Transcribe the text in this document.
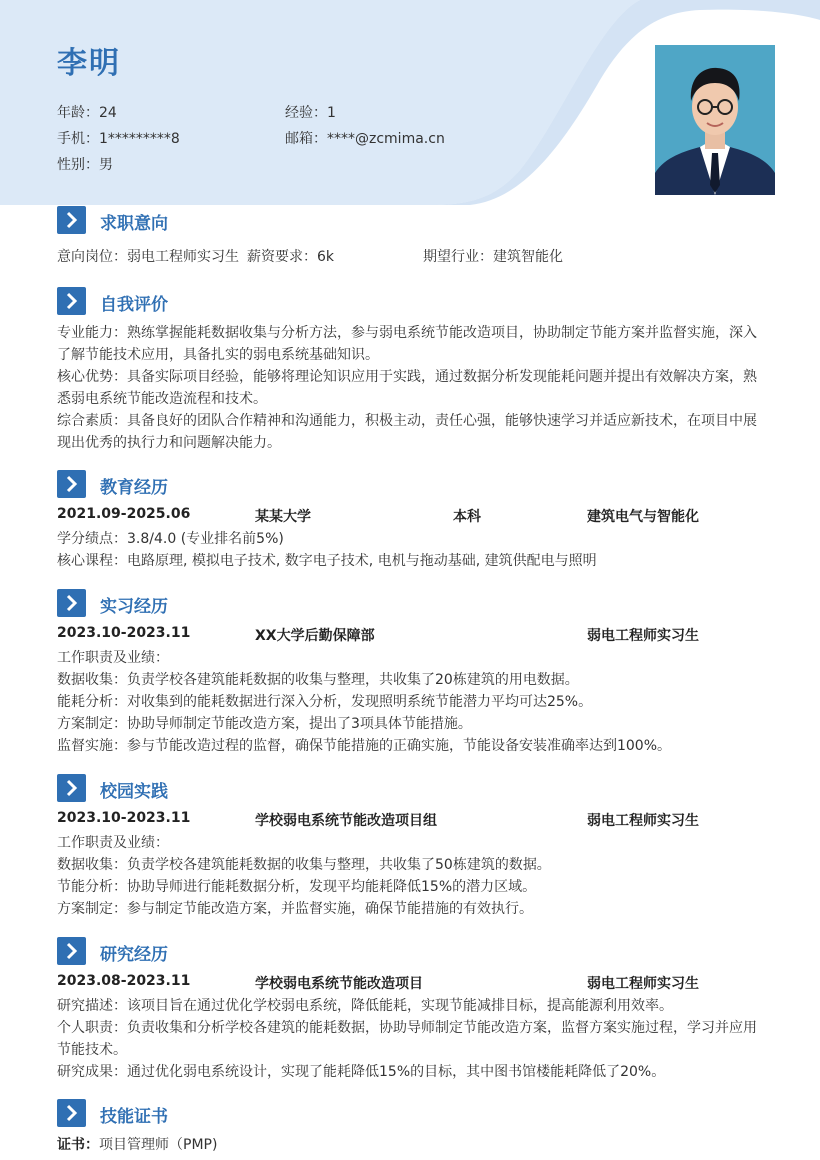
李明
年龄：24	经验：1
手机：1*********8	邮箱：****@zcmima.cn
性别：男
求职意向
意向岗位：弱电工程师实习生 薪资要求：6k	期望行业：建筑智能化
自我评价
专业能力：熟练掌握能耗数据收集与分析方法，参与弱电系统节能改造项目，协助制定节能方案并监督实施，深入了解节能技术应用，具备扎实的弱电系统基础知识。
核心优势：具备实际项目经验，能够将理论知识应用于实践，通过数据分析发现能耗问题并提出有效解决方案，熟悉弱电系统节能改造流程和技术。
综合素质：具备良好的团队合作精神和沟通能力，积极主动，责任心强，能够快速学习并适应新技术，在项目中展现出优秀的执行力和问题解决能力。
教育经历
2021.09-2025.06	某某大学	本科	建筑电气与智能化
学分绩点：3.8/4.0 (专业排名前5%)
核心课程：电路原理, 模拟电子技术, 数字电子技术, 电机与拖动基础, 建筑供配电与照明
实习经历
2023.10-2023.11	XX大学后勤保障部	弱电工程师实习生
工作职责及业绩：
数据收集：负责学校各建筑能耗数据的收集与整理，共收集了20栋建筑的用电数据。
能耗分析：对收集到的能耗数据进行深入分析，发现照明系统节能潜力平均可达25%。
方案制定：协助导师制定节能改造方案，提出了3项具体节能措施。
监督实施：参与节能改造过程的监督，确保节能措施的正确实施，节能设备安装准确率达到100%。
校园实践
2023.10-2023.11	学校弱电系统节能改造项目组	弱电工程师实习生
工作职责及业绩：
数据收集：负责学校各建筑能耗数据的收集与整理，共收集了50栋建筑的数据。
节能分析：协助导师进行能耗数据分析，发现平均能耗降低15%的潜力区域。
方案制定：参与制定节能改造方案，并监督实施，确保节能措施的有效执行。
研究经历
2023.08-2023.11	学校弱电系统节能改造项目	弱电工程师实习生
研究描述：该项目旨在通过优化学校弱电系统，降低能耗，实现节能减排目标，提高能源利用效率。
个人职责：负责收集和分析学校各建筑的能耗数据，协助导师制定节能改造方案，监督方案实施过程，学习并应用节能技术。
研究成果：通过优化弱电系统设计，实现了能耗降低15%的目标，其中图书馆楼能耗降低了20%。
技能证书
证书：项目管理师（PMP)
